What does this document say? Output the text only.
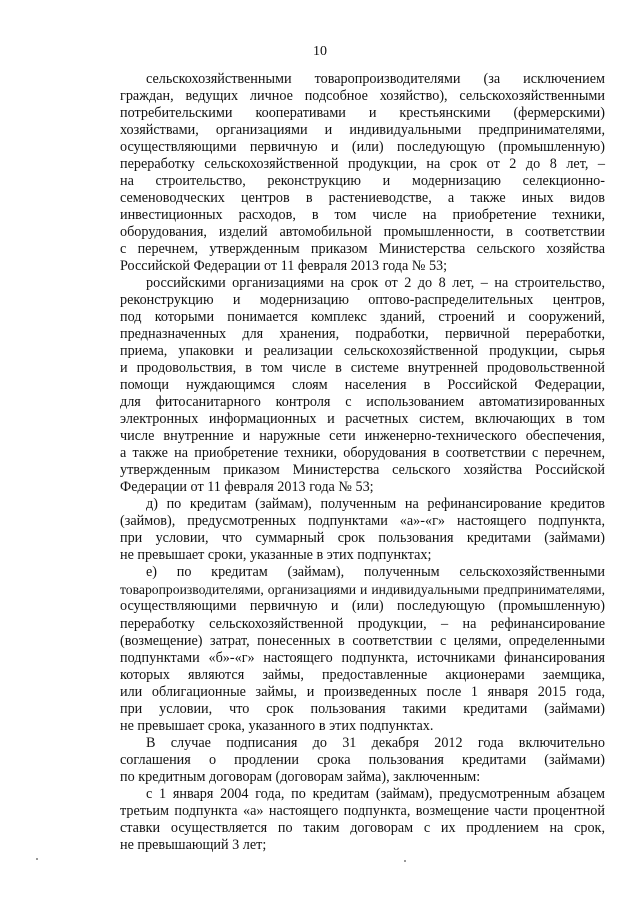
10
сельскохозяйственными товаропроизводителями (за исключением
граждан, ведущих личное подсобное хозяйство), сельскохозяйственными
потребительскими кооперативами и крестьянскими (фермерскими)
хозяйствами, организациями и индивидуальными предпринимателями,
осуществляющими первичную и (или) последующую (промышленную)
переработку сельскохозяйственной продукции, на срок от 2 до 8 лет, –
на строительство, реконструкцию и модернизацию селекционно-
семеноводческих центров в растениеводстве, а также иных видов
инвестиционных расходов, в том числе на приобретение техники,
оборудования, изделий автомобильной промышленности, в соответствии
с перечнем, утвержденным приказом Министерства сельского хозяйства
Российской Федерации от 11 февраля 2013 года № 53;
российскими организациями на срок от 2 до 8 лет, – на строительство,
реконструкцию и модернизацию оптово-распределительных центров,
под которыми понимается комплекс зданий, строений и сооружений,
предназначенных для хранения, подработки, первичной переработки,
приема, упаковки и реализации сельскохозяйственной продукции, сырья
и продовольствия, в том числе в системе внутренней продовольственной
помощи нуждающимся слоям населения в Российской Федерации,
для фитосанитарного контроля с использованием автоматизированных
электронных информационных и расчетных систем, включающих в том
числе внутренние и наружные сети инженерно-технического обеспечения,
а также на приобретение техники, оборудования в соответствии с перечнем,
утвержденным приказом Министерства сельского хозяйства Российской
Федерации от 11 февраля 2013 года № 53;
д) по кредитам (займам), полученным на рефинансирование кредитов
(займов), предусмотренных подпунктами «а»-«г» настоящего подпункта,
при условии, что суммарный срок пользования кредитами (займами)
не превышает сроки, указанные в этих подпунктах;
е) по кредитам (займам), полученным сельскохозяйственными
товаропроизводителями, организациями и индивидуальными предпринимателями,
осуществляющими первичную и (или) последующую (промышленную)
переработку сельскохозяйственной продукции, – на рефинансирование
(возмещение) затрат, понесенных в соответствии с целями, определенными
подпунктами «б»-«г» настоящего подпункта, источниками финансирования
которых являются займы, предоставленные акционерами заемщика,
или облигационные займы, и произведенных после 1 января 2015 года,
при условии, что срок пользования такими кредитами (займами)
не превышает срока, указанного в этих подпунктах.
В случае подписания до 31 декабря 2012 года включительно
соглашения о продлении срока пользования кредитами (займами)
по кредитным договорам (договорам займа), заключенным:
с 1 января 2004 года, по кредитам (займам), предусмотренным абзацем
третьим подпункта «а» настоящего подпункта, возмещение части процентной
ставки осуществляется по таким договорам с их продлением на срок,
не превышающий 3 лет;
